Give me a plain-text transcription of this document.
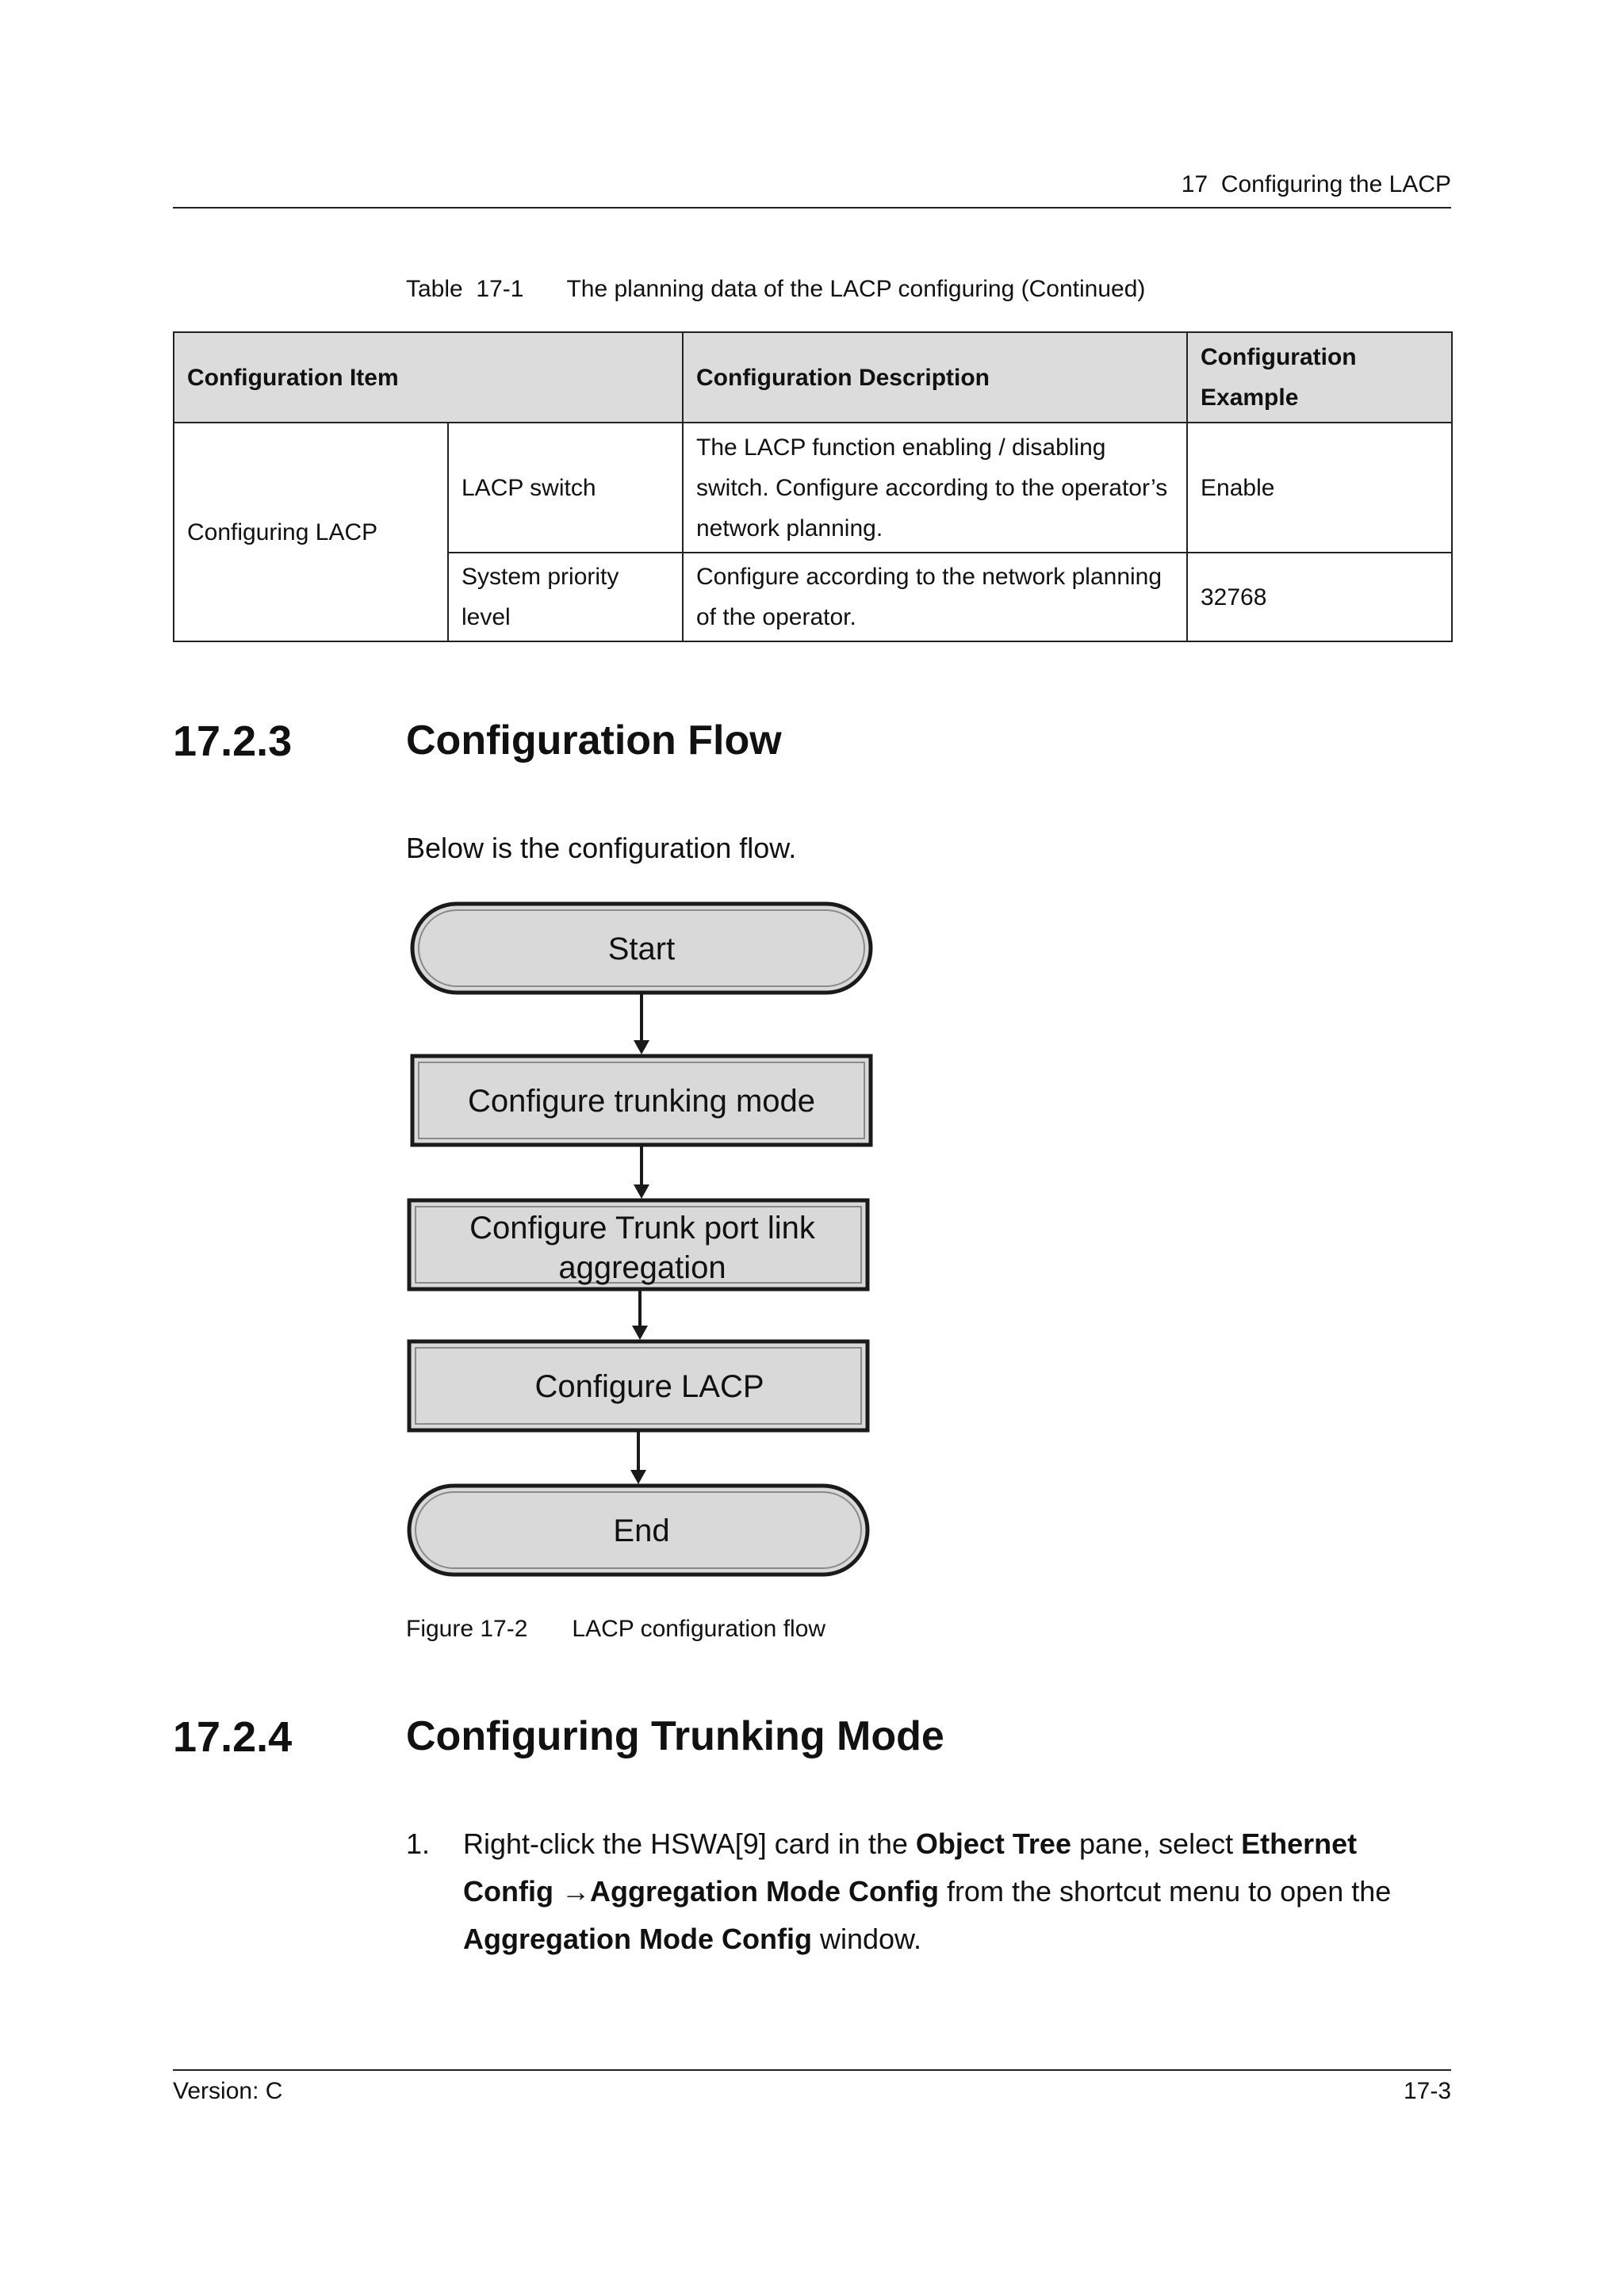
17 Configuring the LACP
Table  17-1 The planning data of the LACP configuring (Continued)
Configuration Item		Configuration Description	Configuration Example
Configuring LACP	LACP switch	The LACP function enabling / disabling switch. Configure according to the operator’s network planning.	Enable
	System priority level	Configure according to the network planning of the operator.	32768
17.2.3	Configuration Flow
Below is the configuration flow.
Start
Configure trunking mode
Configure Trunk port link
aggregation
Configure LACP
End
Figure 17-2 LACP configuration flow
17.2.4	Configuring Trunking Mode
1. Right-click the HSWA[9] card in the Object Tree pane, select Ethernet Config →Aggregation Mode Config from the shortcut menu to open the Aggregation Mode Config window.
Version: C	17-3
